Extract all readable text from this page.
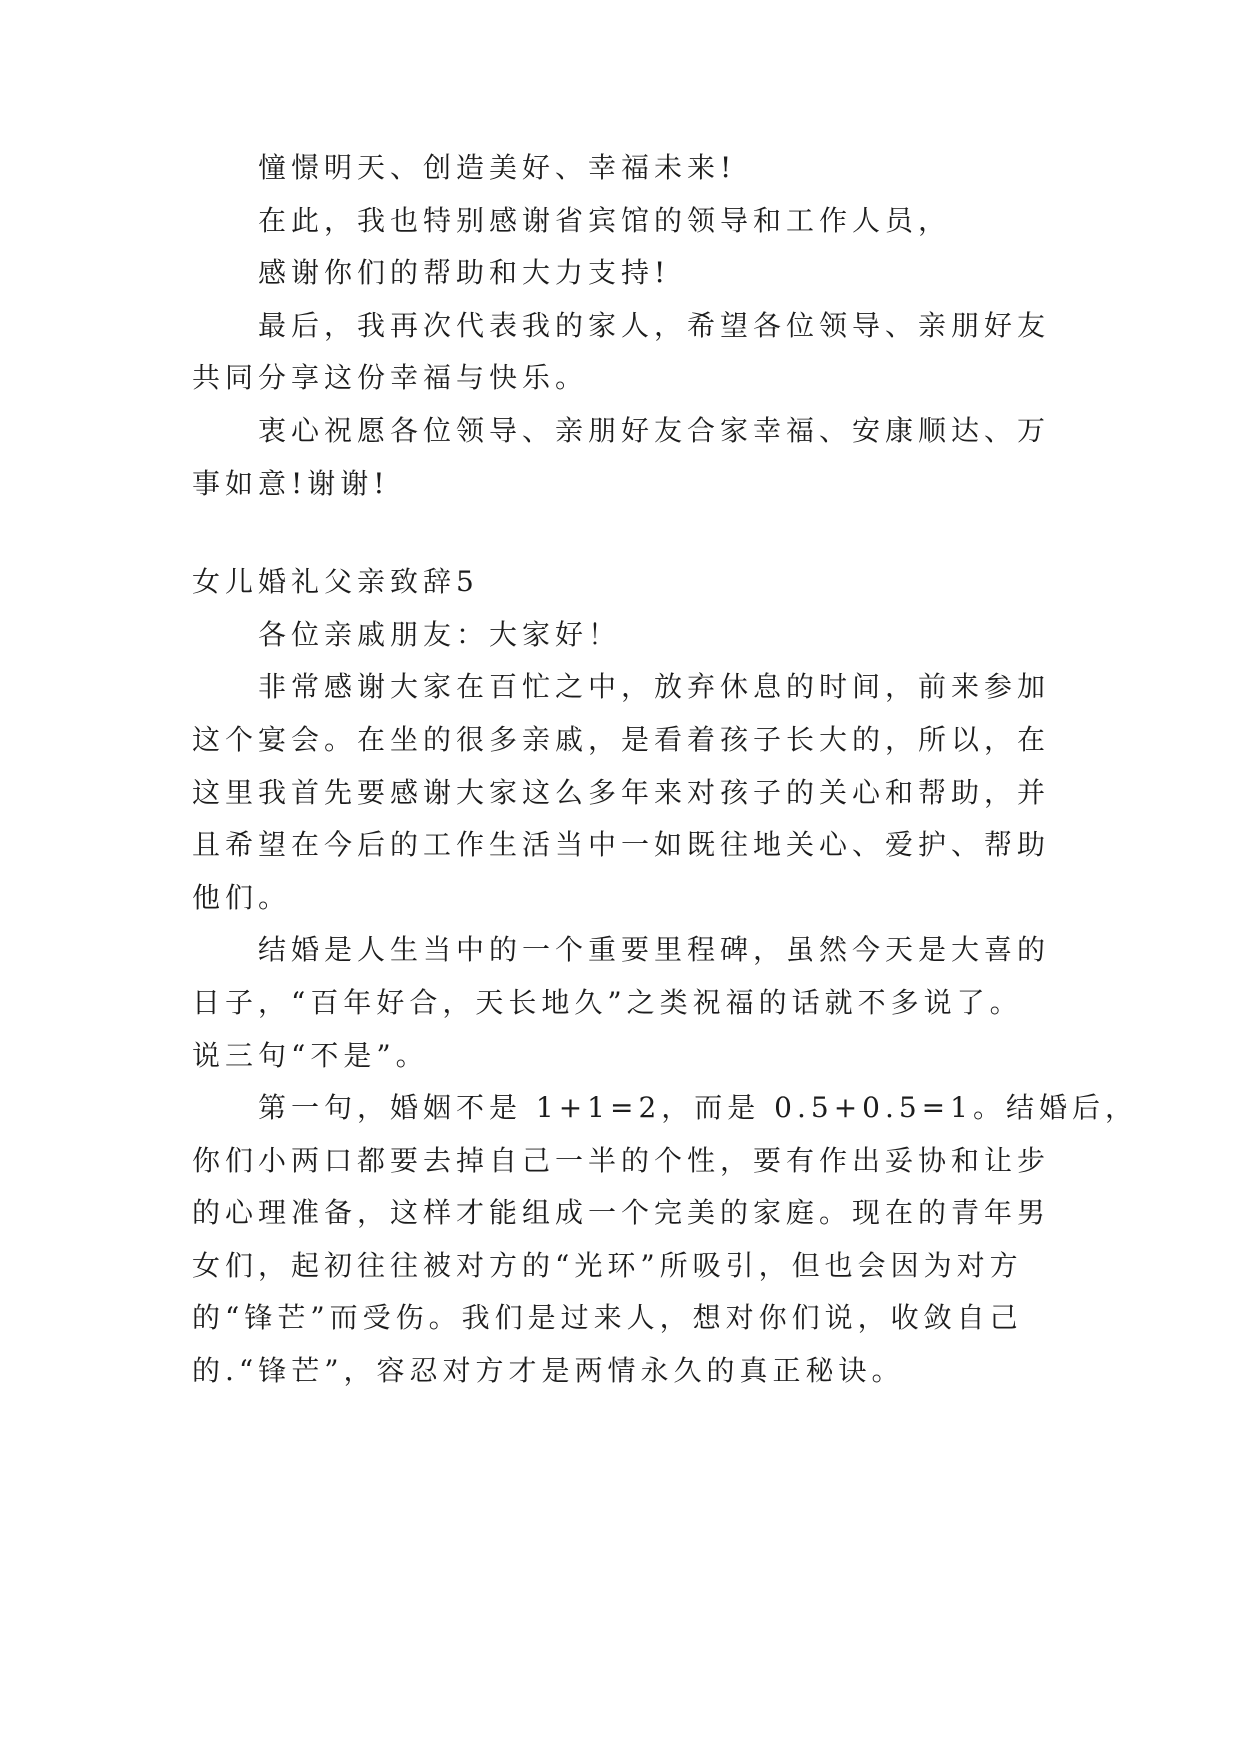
憧憬明天、创造美好、幸福未来!
在此，我也特别感谢省宾馆的领导和工作人员，
感谢你们的帮助和大力支持!
最后，我再次代表我的家人，希望各位领导、亲朋好友
共同分享这份幸福与快乐。
衷心祝愿各位领导、亲朋好友合家幸福、安康顺达、万
事如意!谢谢!
女儿婚礼父亲致辞5
各位亲戚朋友：大家好！
非常感谢大家在百忙之中，放弃休息的时间，前来参加
这个宴会。在坐的很多亲戚，是看着孩子长大的，所以，在
这里我首先要感谢大家这么多年来对孩子的关心和帮助，并
且希望在今后的工作生活当中一如既往地关心、爱护、帮助
他们。
结婚是人生当中的一个重要里程碑，虽然今天是大喜的
日子，“百年好合，天长地久”之类祝福的话就不多说了。
说三句“不是”。
第一句，婚姻不是 1+1=2，而是 0.5+0.5=1。结婚后，
你们小两口都要去掉自己一半的个性，要有作出妥协和让步
的心理准备，这样才能组成一个完美的家庭。现在的青年男
女们，起初往往被对方的“光环”所吸引，但也会因为对方
的“锋芒”而受伤。我们是过来人，想对你们说，收敛自己
的.“锋芒”，容忍对方才是两情永久的真正秘诀。
